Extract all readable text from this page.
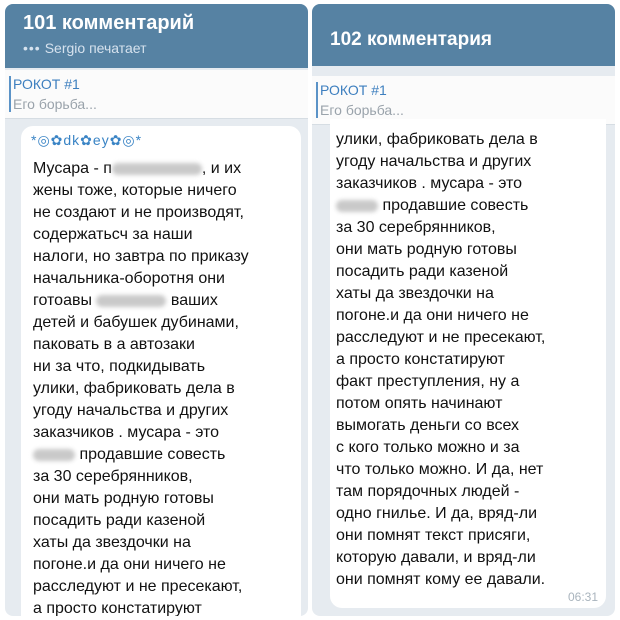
101 комментарий
••• Sergio печатает
РОКОТ #1
Его борьба...
*◎✿dk✿ey✿◎*
Мусара - п	, и их
жены тоже, которые ничего
не создают и не производят,
содержатьсч за наши
налоги, но завтра по приказу
начальника-оборотня они
готоавы	ваших
детей и бабушек дубинами,
паковать в а автозаки
ни за что, подкидывать
улики, фабриковать дела в
угоду начальства и других
заказчиков . мусара - это
продавшие совесть
за 30 серебрянников,
они мать родную готовы
посадить ради казеной
хаты да звездочки на
погоне.и да они ничего не
расследуют и не пресекают,
а просто констатируют
102 комментария
РОКОТ #1
Его борьба...
улики, фабриковать дела в
угоду начальства и других
заказчиков . мусара - это
продавшие совесть
за 30 серебрянников,
они мать родную готовы
посадить ради казеной
хаты да звездочки на
погоне.и да они ничего не
расследуют и не пресекают,
а просто констатируют
факт преступления, ну а
потом опять начинают
вымогать деньги со всех
с кого только можно и за
что только можно. И да, нет
там порядочных людей -
одно гнилье. И да, вряд-ли
они помнят текст присяги,
которую давали, и вряд-ли
они помнят кому ее давали.
06:31
